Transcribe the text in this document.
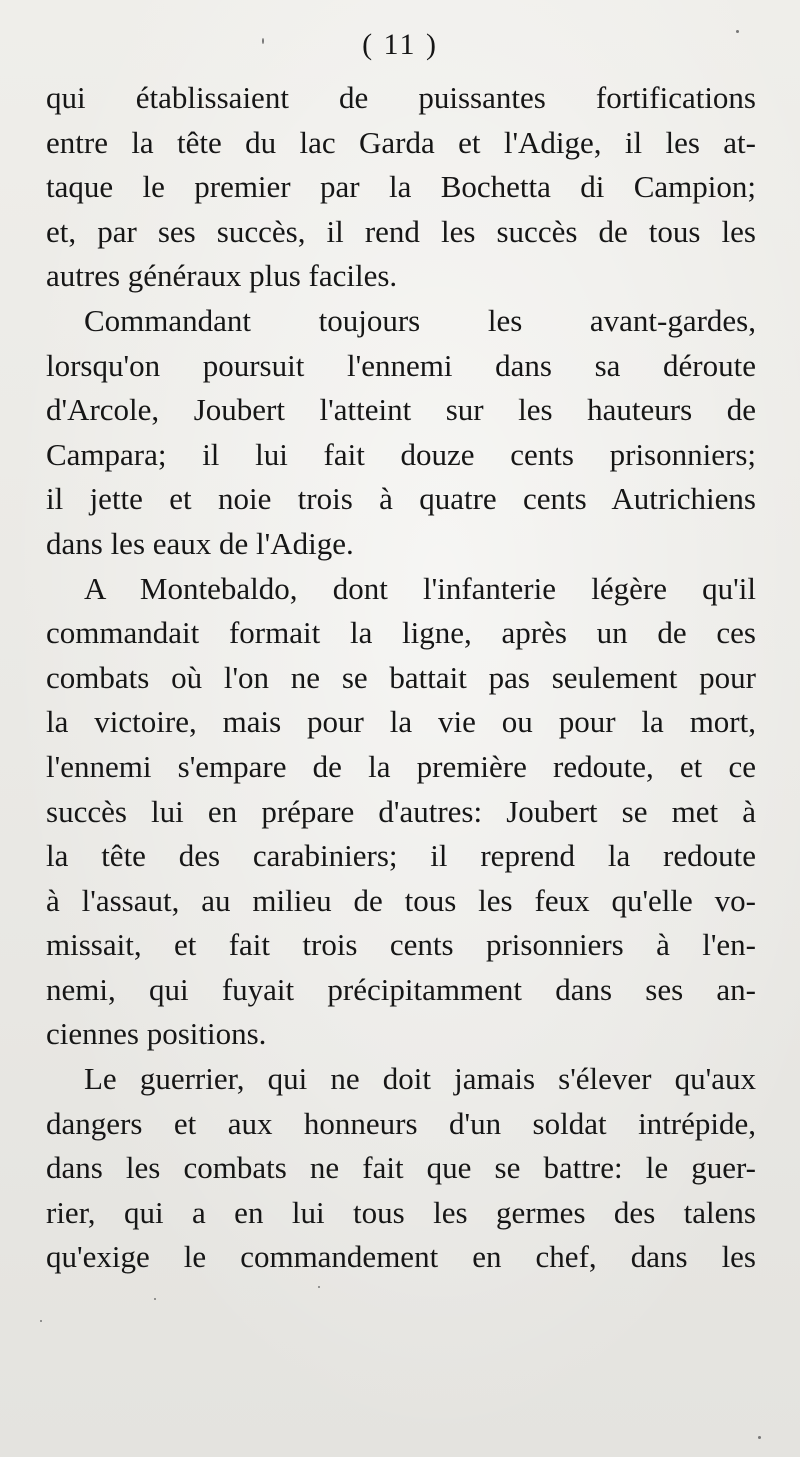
( 11 )
qui établissaient de puissantes fortifications
entre la tête du lac Garda et l'Adige, il les at-
taque le premier par la Bochetta di Campion;
et, par ses succès, il rend les succès de tous les
autres généraux plus faciles.
Commandant toujours les avant-gardes,
lorsqu'on poursuit l'ennemi dans sa déroute
d'Arcole, Joubert l'atteint sur les hauteurs de
Campara; il lui fait douze cents prisonniers;
il jette et noie trois à quatre cents Autrichiens
dans les eaux de l'Adige.
A Montebaldo, dont l'infanterie légère qu'il
commandait formait la ligne, après un de ces
combats où l'on ne se battait pas seulement pour
la victoire, mais pour la vie ou pour la mort,
l'ennemi s'empare de la première redoute, et ce
succès lui en prépare d'autres: Joubert se met à
la tête des carabiniers; il reprend la redoute
à l'assaut, au milieu de tous les feux qu'elle vo-
missait, et fait trois cents prisonniers à l'en-
nemi, qui fuyait précipitamment dans ses an-
ciennes positions.
Le guerrier, qui ne doit jamais s'élever qu'aux
dangers et aux honneurs d'un soldat intrépide,
dans les combats ne fait que se battre: le guer-
rier, qui a en lui tous les germes des talens
qu'exige le commandement en chef, dans les
